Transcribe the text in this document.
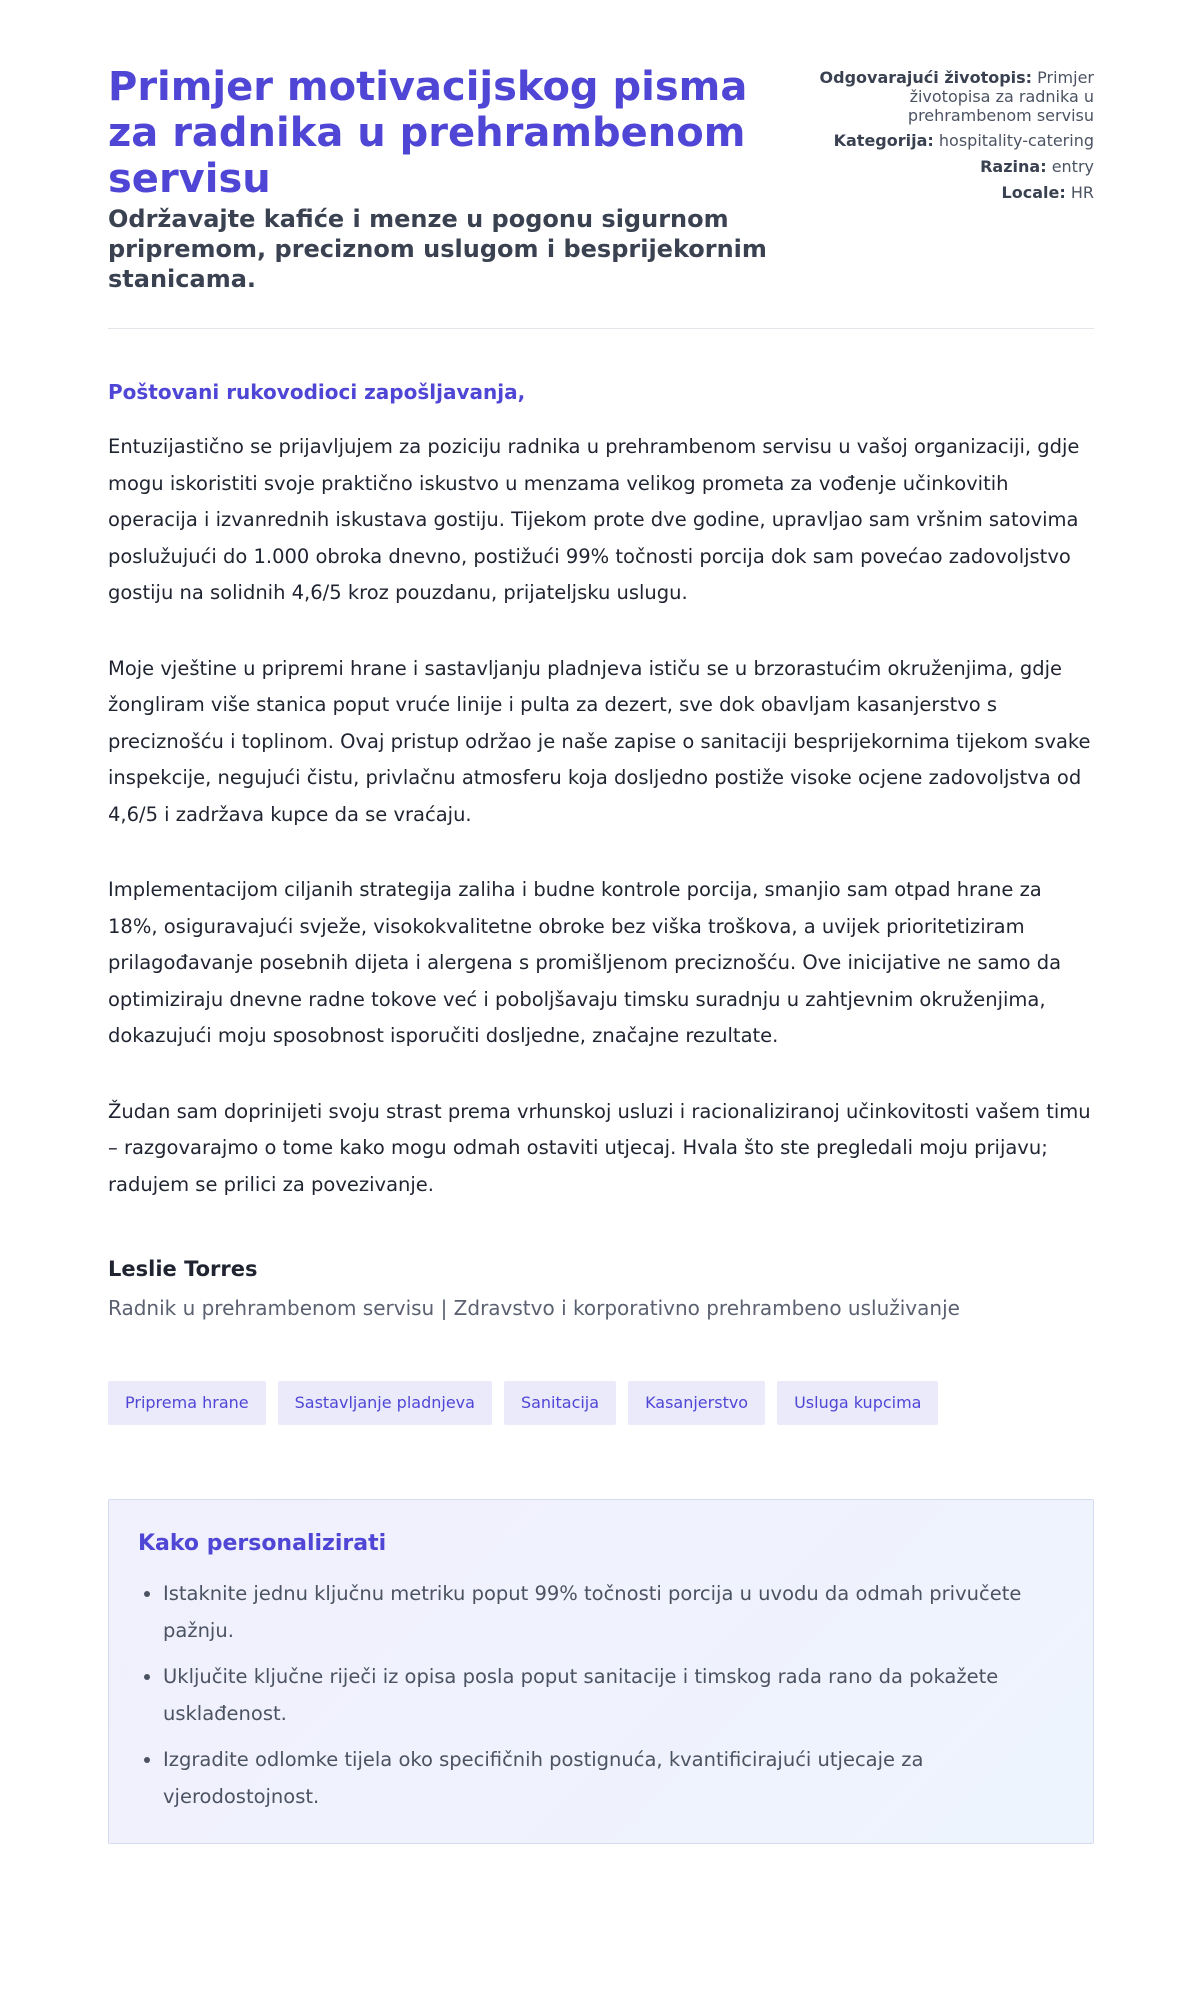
Primjer motivacijskog pisma za radnika u prehrambenom servisu
Održavajte kafiće i menze u pogonu sigurnom pripremom, preciznom uslugom i besprijekornim stanicama.
Odgovarajući životopis: Primjer životopisa za radnika u prehrambenom servisu
Kategorija: hospitality-catering
Razina: entry
Locale: HR

Poštovani rukovodioci zapošljavanja,

Entuzijastično se prijavljujem za poziciju radnika u prehrambenom servisu u vašoj organizaciji, gdje mogu iskoristiti svoje praktično iskustvo u menzama velikog prometa za vođenje učinkovitih operacija i izvanrednih iskustava gostiju. Tijekom prote dve godine, upravljao sam vršnim satovima poslužujući do 1.000 obroka dnevno, postižući 99% točnosti porcija dok sam povećao zadovoljstvo gostiju na solidnih 4,6/5 kroz pouzdanu, prijateljsku uslugu.

Moje vještine u pripremi hrane i sastavljanju pladnjeva ističu se u brzorastućim okruženjima, gdje žongliram više stanica poput vruće linije i pulta za dezert, sve dok obavljam kasanjerstvo s preciznošću i toplinom. Ovaj pristup održao je naše zapise o sanitaciji besprijekornima tijekom svake inspekcije, negujući čistu, privlačnu atmosferu koja dosljedno postiže visoke ocjene zadovoljstva od 4,6/5 i zadržava kupce da se vraćaju.

Implementacijom ciljanih strategija zaliha i budne kontrole porcija, smanjio sam otpad hrane za 18%, osiguravajući svježe, visokokvalitetne obroke bez viška troškova, a uvijek prioritetiziram prilagođavanje posebnih dijeta i alergena s promišljenom preciznošću. Ove inicijative ne samo da optimiziraju dnevne radne tokove već i poboljšavaju timsku suradnju u zahtjevnim okruženjima, dokazujući moju sposobnost isporučiti dosljedne, značajne rezultate.

Žudan sam doprinijeti svoju strast prema vrhunskoj usluzi i racionaliziranoj učinkovitosti vašem timu – razgovarajmo o tome kako mogu odmah ostaviti utjecaj. Hvala što ste pregledali moju prijavu; radujem se prilici za povezivanje.

Leslie Torres
Radnik u prehrambenom servisu | Zdravstvo i korporativno prehrambeno usluživanje
Priprema hrane	Sastavljanje pladnjeva	Sanitacija	Kasanjerstvo	Usluga kupcima
Kako personalizirati
• Istaknite jednu ključnu metriku poput 99% točnosti porcija u uvodu da odmah privučete pažnju.
• Uključite ključne riječi iz opisa posla poput sanitacije i timskog rada rano da pokažete usklađenost.
• Izgradite odlomke tijela oko specifičnih postignuća, kvantificirajući utjecaje za vjerodostojnost.
